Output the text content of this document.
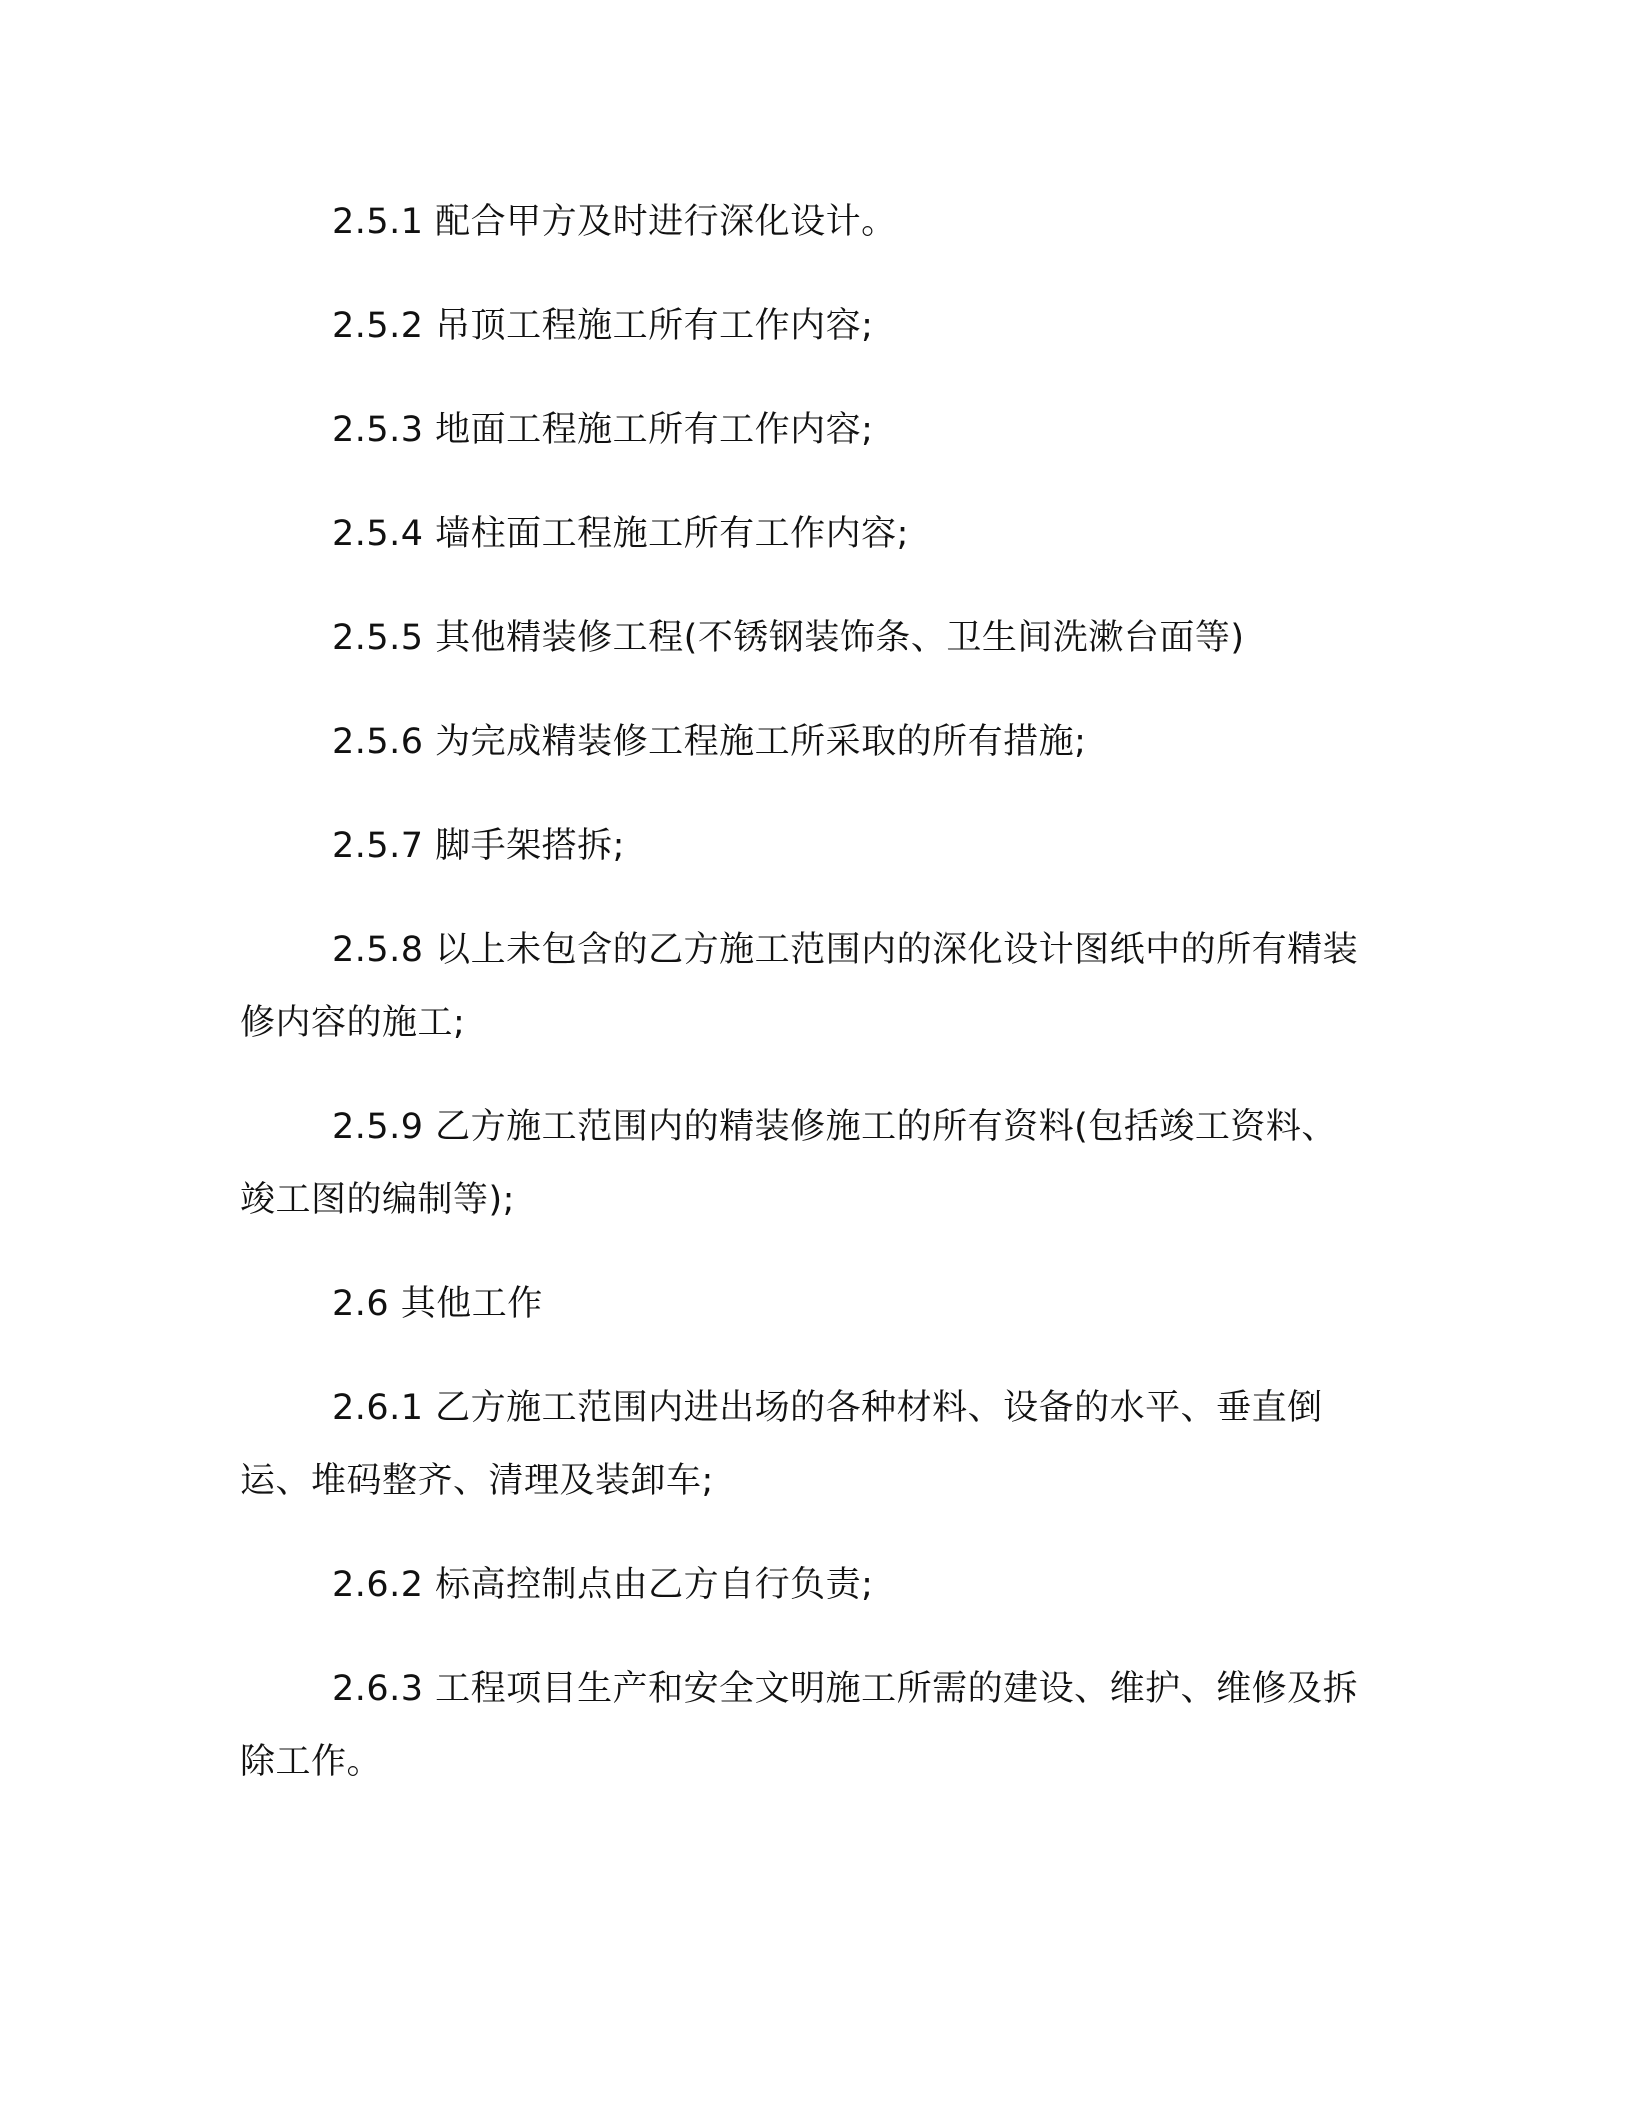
2.5.1 配合甲方及时进行深化设计。

2.5.2 吊顶工程施工所有工作内容;

2.5.3 地面工程施工所有工作内容;

2.5.4 墙柱面工程施工所有工作内容;

2.5.5 其他精装修工程(不锈钢装饰条、卫生间洗漱台面等)

2.5.6 为完成精装修工程施工所采取的所有措施;

2.5.7 脚手架搭拆;

2.5.8 以上未包含的乙方施工范围内的深化设计图纸中的所有精装修内容的施工;

2.5.9 乙方施工范围内的精装修施工的所有资料(包括竣工资料、竣工图的编制等);

2.6 其他工作

2.6.1 乙方施工范围内进出场的各种材料、设备的水平、垂直倒运、堆码整齐、清理及装卸车;

2.6.2 标高控制点由乙方自行负责;

2.6.3 工程项目生产和安全文明施工所需的建设、维护、维修及拆除工作。
